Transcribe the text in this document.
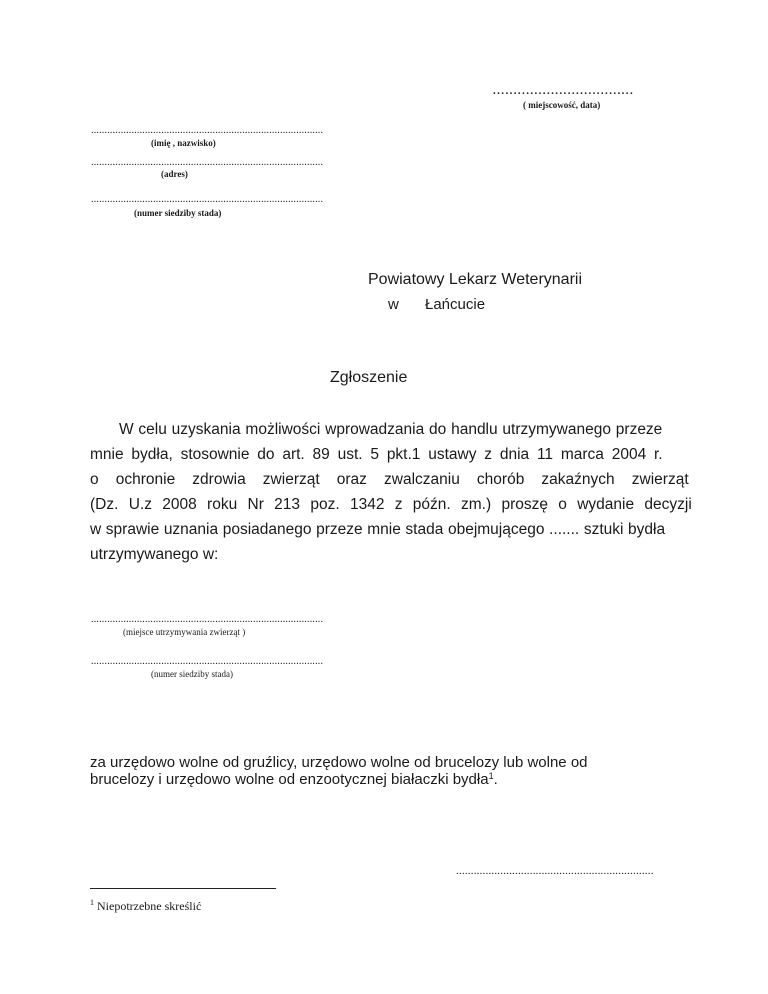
..................................
( miejscowość, data)
......................................................................................
(imię , nazwisko)
......................................................................................
(adres)
......................................................................................
(numer siedziby stada)
Powiatowy Lekarz Weterynarii
w Łańcucie
Zgłoszenie
W celu uzyskania możliwości wprowadzania do handlu utrzymywanego przeze
mnie bydła, stosownie do art. 89 ust. 5 pkt.1 ustawy z dnia 11 marca 2004 r.
o ochronie zdrowia zwierząt oraz zwalczaniu chorób zakaźnych zwierząt
(Dz. U.z 2008 roku Nr 213 poz. 1342 z późn. zm.) proszę o wydanie decyzji
w sprawie uznania posiadanego przeze mnie stada obejmującego ....... sztuki bydła
utrzymywanego w:
......................................................................................
(miejsce utrzymywania zwierząt )
......................................................................................
(numer siedziby stada)
za urzędowo wolne od gruźlicy, urzędowo wolne od brucelozy lub wolne od
brucelozy i urzędowo wolne od enzootycznej białaczki bydła$^1$.
...................................................................
$^1$ Niepotrzebne skreślić
